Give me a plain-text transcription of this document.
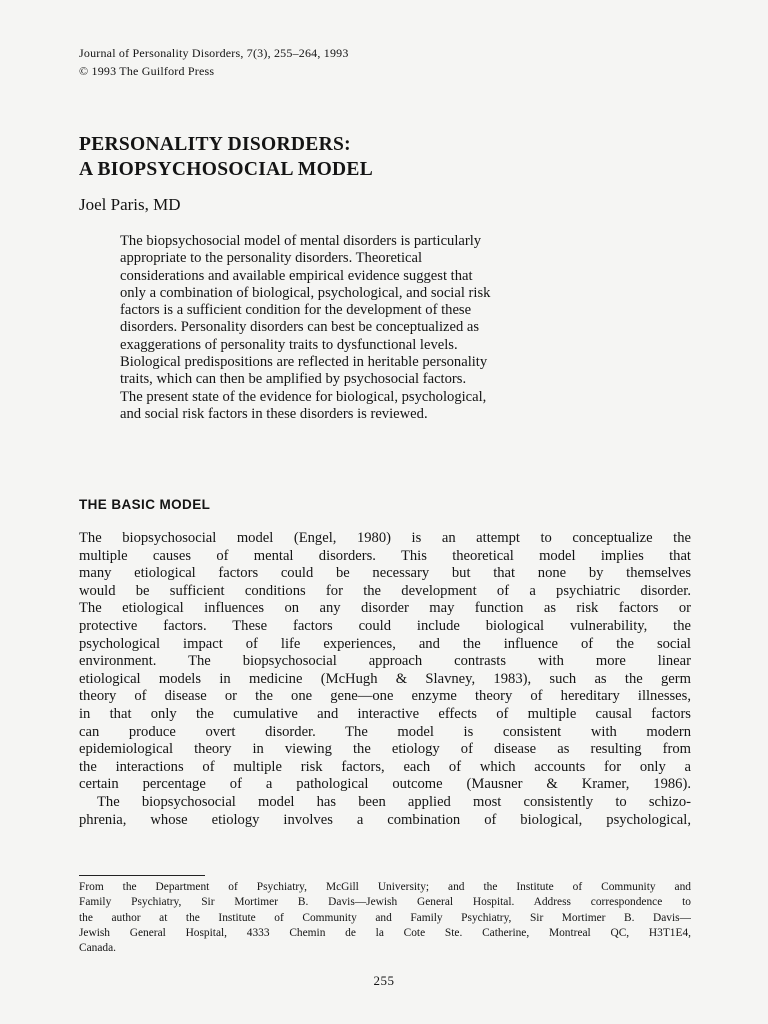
Journal of Personality Disorders, 7(3), 255–264, 1993
© 1993 The Guilford Press
PERSONALITY DISORDERS:
A BIOPSYCHOSOCIAL MODEL
Joel Paris, MD
The biopsychosocial model of mental disorders is particularly
appropriate to the personality disorders. Theoretical
considerations and available empirical evidence suggest that
only a combination of biological, psychological, and social risk
factors is a sufficient condition for the development of these
disorders. Personality disorders can best be conceptualized as
exaggerations of personality traits to dysfunctional levels.
Biological predispositions are reflected in heritable personality
traits, which can then be amplified by psychosocial factors.
The present state of the evidence for biological, psychological,
and social risk factors in these disorders is reviewed.
THE BASIC MODEL
The biopsychosocial model (Engel, 1980) is an attempt to conceptualize the
multiple causes of mental disorders. This theoretical model implies that
many etiological factors could be necessary but that none by themselves
would be sufficient conditions for the development of a psychiatric disorder.
The etiological influences on any disorder may function as risk factors or
protective factors. These factors could include biological vulnerability, the
psychological impact of life experiences, and the influence of the social
environment. The biopsychosocial approach contrasts with more linear
etiological models in medicine (McHugh & Slavney, 1983), such as the germ
theory of disease or the one gene—one enzyme theory of hereditary illnesses,
in that only the cumulative and interactive effects of multiple causal factors
can produce overt disorder. The model is consistent with modern
epidemiological theory in viewing the etiology of disease as resulting from
the interactions of multiple risk factors, each of which accounts for only a
certain percentage of a pathological outcome (Mausner & Kramer, 1986).
The biopsychosocial model has been applied most consistently to schizo-
phrenia, whose etiology involves a combination of biological, psychological,
From the Department of Psychiatry, McGill University; and the Institute of Community and
Family Psychiatry, Sir Mortimer B. Davis—Jewish General Hospital. Address correspondence to
the author at the Institute of Community and Family Psychiatry, Sir Mortimer B. Davis—
Jewish General Hospital, 4333 Chemin de la Cote Ste. Catherine, Montreal QC, H3T1E4,
Canada.
255
